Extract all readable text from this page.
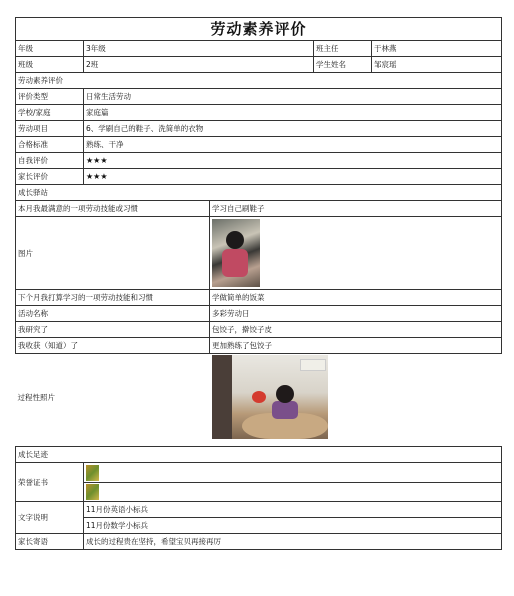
劳动素养评价			
年级	3年级	班主任	于林燕
班级	2班	学生姓名	邹宸瑶
劳动素养评价	
评价类型	日常生活劳动
学校/家庭	家庭篇
劳动项目	6、学刷自己的鞋子、洗简单的衣物
合格标准	熟练、干净
自我评价	★★★
家长评价	★★★
成长驿站	
本月我最满意的一项劳动技能或习惯	学习自己刷鞋子
图片	

下个月我打算学习的一项劳动技能和习惯	学做简单的饭菜
活动名称	多彩劳动日
我研究了	包饺子，擀饺子皮
我收获（知道）了	更加熟练了包饺子
过程性照片	
成长足迹	
荣誉证书	

文字说明	11月份英语小标兵
	11月份数学小标兵
家长寄语	成长的过程贵在坚持，希望宝贝再接再厉
